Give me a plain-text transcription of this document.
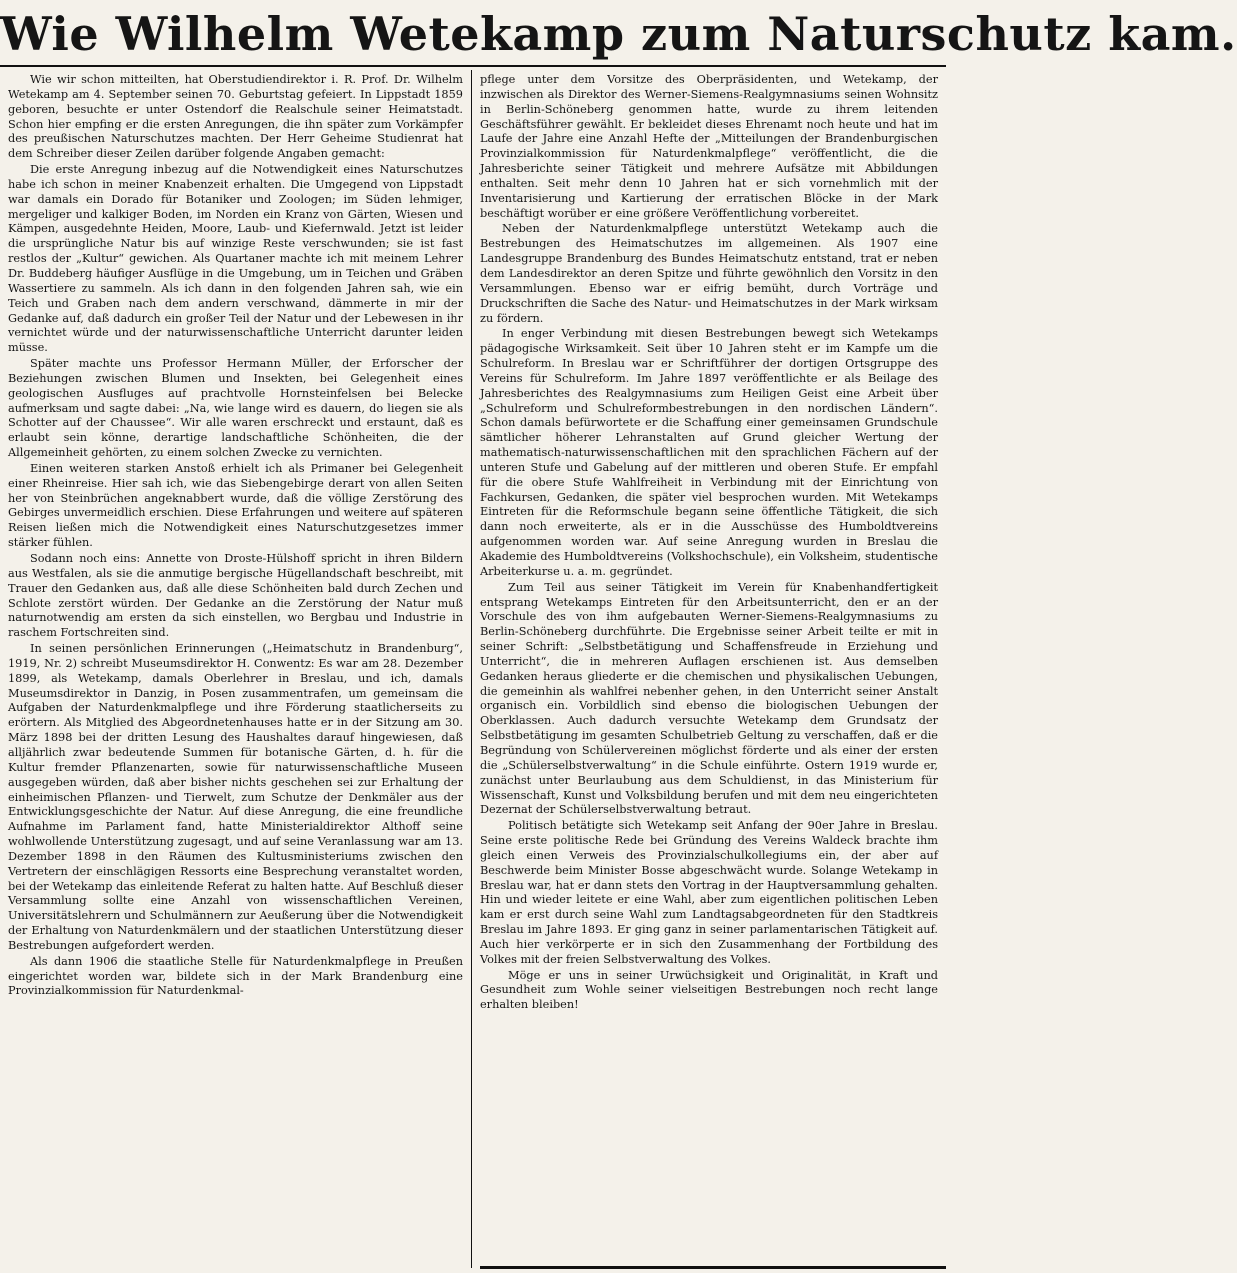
Wie Wilhelm Wetekamp zum Naturschutz kam.

Wie wir schon mitteilten, hat Oberstudiendirektor i. R. Prof. Dr. Wilhelm Wetekamp am 4. September seinen 70. Geburtstag gefeiert. In Lippstadt 1859 geboren, besuchte er unter Ostendorf die Realschule seiner Heimatstadt. Schon hier empfing er die ersten Anregungen, die ihn später zum Vorkämpfer des preußischen Naturschutzes machten. Der Herr Geheime Studienrat hat dem Schreiber dieser Zeilen darüber folgende Angaben gemacht:

Die erste Anregung inbezug auf die Notwendigkeit eines Naturschutzes habe ich schon in meiner Knabenzeit erhalten. Die Umgegend von Lippstadt war damals ein Dorado für Botaniker und Zoologen; im Süden lehmiger, mergeliger und kalkiger Boden, im Norden ein Kranz von Gärten, Wiesen und Kämpen, ausgedehnte Heiden, Moore, Laub- und Kiefernwald. Jetzt ist leider die ursprüngliche Natur bis auf winzige Reste verschwunden; sie ist fast restlos der „Kultur“ gewichen. Als Quartaner machte ich mit meinem Lehrer Dr. Buddeberg häufiger Ausflüge in die Umgebung, um in Teichen und Gräben Wassertiere zu sammeln. Als ich dann in den folgenden Jahren sah, wie ein Teich und Graben nach dem andern verschwand, dämmerte in mir der Gedanke auf, daß dadurch ein großer Teil der Natur und der Lebewesen in ihr vernichtet würde und der naturwissenschaftliche Unterricht darunter leiden müsse.

Später machte uns Professor Hermann Müller, der Erforscher der Beziehungen zwischen Blumen und Insekten, bei Gelegenheit eines geologischen Ausfluges auf prachtvolle Hornsteinfelsen bei Belecke aufmerksam und sagte dabei: „Na, wie lange wird es dauern, do liegen sie als Schotter auf der Chaussee“. Wir alle waren erschreckt und erstaunt, daß es erlaubt sein könne, derartige landschaftliche Schönheiten, die der Allgemeinheit gehörten, zu einem solchen Zwecke zu vernichten.

Einen weiteren starken Anstoß erhielt ich als Primaner bei Gelegenheit einer Rheinreise. Hier sah ich, wie das Siebengebirge derart von allen Seiten her von Steinbrüchen angeknabbert wurde, daß die völlige Zerstörung des Gebirges unvermeidlich erschien. Diese Erfahrungen und weitere auf späteren Reisen ließen mich die Notwendigkeit eines Naturschutzgesetzes immer stärker fühlen.

Sodann noch eins: Annette von Droste-Hülshoff spricht in ihren Bildern aus Westfalen, als sie die anmutige bergische Hügellandschaft beschreibt, mit Trauer den Gedanken aus, daß alle diese Schönheiten bald durch Zechen und Schlote zerstört würden. Der Gedanke an die Zerstörung der Natur muß naturnotwendig am ersten da sich einstellen, wo Bergbau und Industrie in raschem Fortschreiten sind.

In seinen persönlichen Erinnerungen („Heimatschutz in Brandenburg“, 1919, Nr. 2) schreibt Museumsdirektor H. Conwentz: Es war am 28. Dezember 1899, als Wetekamp, damals Oberlehrer in Breslau, und ich, damals Museumsdirektor in Danzig, in Posen zusammentrafen, um gemeinsam die Aufgaben der Naturdenkmalpflege und ihre Förderung staatlicherseits zu erörtern. Als Mitglied des Abgeordnetenhauses hatte er in der Sitzung am 30. März 1898 bei der dritten Lesung des Haushaltes darauf hingewiesen, daß alljährlich zwar bedeutende Summen für botanische Gärten, d. h. für die Kultur fremder Pflanzenarten, sowie für naturwissenschaftliche Museen ausgegeben würden, daß aber bisher nichts geschehen sei zur Erhaltung der einheimischen Pflanzen- und Tierwelt, zum Schutze der Denkmäler aus der Entwicklungsgeschichte der Natur. Auf diese Anregung, die eine freundliche Aufnahme im Parlament fand, hatte Ministerialdirektor Althoff seine wohlwollende Unterstützung zugesagt, und auf seine Veranlassung war am 13. Dezember 1898 in den Räumen des Kultusministeriums zwischen den Vertretern der einschlägigen Ressorts eine Besprechung veranstaltet worden, bei der Wetekamp das einleitende Referat zu halten hatte. Auf Beschluß dieser Versammlung sollte eine Anzahl von wissenschaftlichen Vereinen, Universitätslehrern und Schulmännern zur Aeußerung über die Notwendigkeit der Erhaltung von Naturdenkmälern und der staatlichen Unterstützung dieser Bestrebungen aufgefordert werden.

Als dann 1906 die staatliche Stelle für Naturdenkmalpflege in Preußen eingerichtet worden war, bildete sich in der Mark Brandenburg eine Provinzialkommission für Naturdenkmal-

pflege unter dem Vorsitze des Oberpräsidenten, und Wetekamp, der inzwischen als Direktor des Werner-Siemens-Realgymnasiums seinen Wohnsitz in Berlin-Schöneberg genommen hatte, wurde zu ihrem leitenden Geschäftsführer gewählt. Er bekleidet dieses Ehrenamt noch heute und hat im Laufe der Jahre eine Anzahl Hefte der „Mitteilungen der Brandenburgischen Provinzialkommission für Naturdenkmalpflege“ veröffentlicht, die die Jahresberichte seiner Tätigkeit und mehrere Aufsätze mit Abbildungen enthalten. Seit mehr denn 10 Jahren hat er sich vornehmlich mit der Inventarisierung und Kartierung der erratischen Blöcke in der Mark beschäftigt worüber er eine größere Veröffentlichung vorbereitet.

Neben der Naturdenkmalpflege unterstützt Wetekamp auch die Bestrebungen des Heimatschutzes im allgemeinen. Als 1907 eine Landesgruppe Brandenburg des Bundes Heimatschutz entstand, trat er neben dem Landesdirektor an deren Spitze und führte gewöhnlich den Vorsitz in den Versammlungen. Ebenso war er eifrig bemüht, durch Vorträge und Druckschriften die Sache des Natur- und Heimatschutzes in der Mark wirksam zu fördern.

In enger Verbindung mit diesen Bestrebungen bewegt sich Wetekamps pädagogische Wirksamkeit. Seit über 10 Jahren steht er im Kampfe um die Schulreform. In Breslau war er Schriftführer der dortigen Ortsgruppe des Vereins für Schulreform. Im Jahre 1897 veröffentlichte er als Beilage des Jahresberichtes des Realgymnasiums zum Heiligen Geist eine Arbeit über „Schulreform und Schulreformbestrebungen in den nordischen Ländern“. Schon damals befürwortete er die Schaffung einer gemeinsamen Grundschule sämtlicher höherer Lehranstalten auf Grund gleicher Wertung der mathematisch-naturwissenschaftlichen mit den sprachlichen Fächern auf der unteren Stufe und Gabelung auf der mittleren und oberen Stufe. Er empfahl für die obere Stufe Wahlfreiheit in Verbindung mit der Einrichtung von Fachkursen, Gedanken, die später viel besprochen wurden. Mit Wetekamps Eintreten für die Reformschule begann seine öffentliche Tätigkeit, die sich dann noch erweiterte, als er in die Ausschüsse des Humboldtvereins aufgenommen worden war. Auf seine Anregung wurden in Breslau die Akademie des Humboldtvereins (Volkshochschule), ein Volksheim, studentische Arbeiterkurse u. a. m. gegründet.

Zum Teil aus seiner Tätigkeit im Verein für Knabenhandfertigkeit entsprang Wetekamps Eintreten für den Arbeitsunterricht, den er an der Vorschule des von ihm aufgebauten Werner-Siemens-Realgymnasiums zu Berlin-Schöneberg durchführte. Die Ergebnisse seiner Arbeit teilte er mit in seiner Schrift: „Selbstbetätigung und Schaffensfreude in Erziehung und Unterricht“, die in mehreren Auflagen erschienen ist. Aus demselben Gedanken heraus gliederte er die chemischen und physikalischen Uebungen, die gemeinhin als wahlfrei nebenher gehen, in den Unterricht seiner Anstalt organisch ein. Vorbildlich sind ebenso die biologischen Uebungen der Oberklassen. Auch dadurch versuchte Wetekamp dem Grundsatz der Selbstbetätigung im gesamten Schulbetrieb Geltung zu verschaffen, daß er die Begründung von Schülervereinen möglichst förderte und als einer der ersten die „Schülerselbstverwaltung“ in die Schule einführte. Ostern 1919 wurde er, zunächst unter Beurlaubung aus dem Schuldienst, in das Ministerium für Wissenschaft, Kunst und Volksbildung berufen und mit dem neu eingerichteten Dezernat der Schülerselbstverwaltung betraut.

Politisch betätigte sich Wetekamp seit Anfang der 90er Jahre in Breslau. Seine erste politische Rede bei Gründung des Vereins Waldeck brachte ihm gleich einen Verweis des Provinzialschulkollegiums ein, der aber auf Beschwerde beim Minister Bosse abgeschwächt wurde. Solange Wetekamp in Breslau war, hat er dann stets den Vortrag in der Hauptversammlung gehalten. Hin und wieder leitete er eine Wahl, aber zum eigentlichen politischen Leben kam er erst durch seine Wahl zum Landtagsabgeordneten für den Stadtkreis Breslau im Jahre 1893. Er ging ganz in seiner parlamentarischen Tätigkeit auf. Auch hier verkörperte er in sich den Zusammenhang der Fortbildung des Volkes mit der freien Selbstverwaltung des Volkes.

Möge er uns in seiner Urwüchsigkeit und Originalität, in Kraft und Gesundheit zum Wohle seiner vielseitigen Bestrebungen noch recht lange erhalten bleiben!
